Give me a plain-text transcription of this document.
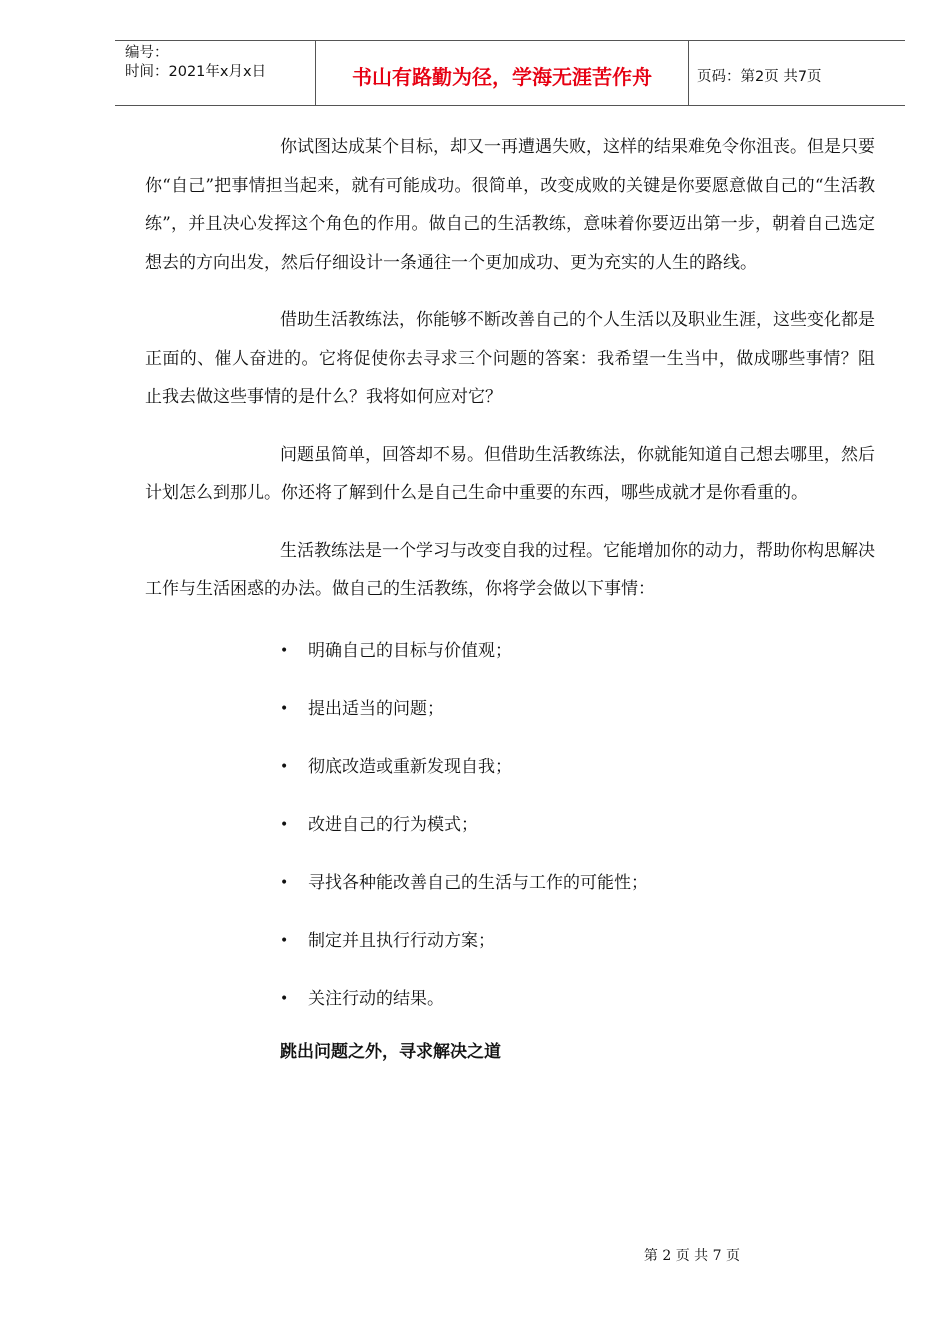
编号：
时间：2021年x月x日	书山有路勤为径，学海无涯苦作舟	页码：第2页 共7页

你试图达成某个目标，却又一再遭遇失败，这样的结果难免令你沮丧。但是只要你“自己”把事情担当起来，就有可能成功。很简单，改变成败的关键是你要愿意做自己的“生活教练”，并且决心发挥这个角色的作用。做自己的生活教练，意味着你要迈出第一步，朝着自己选定想去的方向出发，然后仔细设计一条通往一个更加成功、更为充实的人生的路线。

借助生活教练法，你能够不断改善自己的个人生活以及职业生涯，这些变化都是正面的、催人奋进的。它将促使你去寻求三个问题的答案：我希望一生当中，做成哪些事情？阻止我去做这些事情的是什么？我将如何应对它？

问题虽简单，回答却不易。但借助生活教练法，你就能知道自己想去哪里，然后计划怎么到那儿。你还将了解到什么是自己生命中重要的东西，哪些成就才是你看重的。

生活教练法是一个学习与改变自我的过程。它能增加你的动力，帮助你构思解决工作与生活困惑的办法。做自己的生活教练，你将学会做以下事情：

•	明确自己的目标与价值观；
•	提出适当的问题；
•	彻底改造或重新发现自我；
•	改进自己的行为模式；
•	寻找各种能改善自己的生活与工作的可能性；
•	制定并且执行行动方案；
•	关注行动的结果。
跳出问题之外，寻求解决之道
第 2 页 共 7 页
